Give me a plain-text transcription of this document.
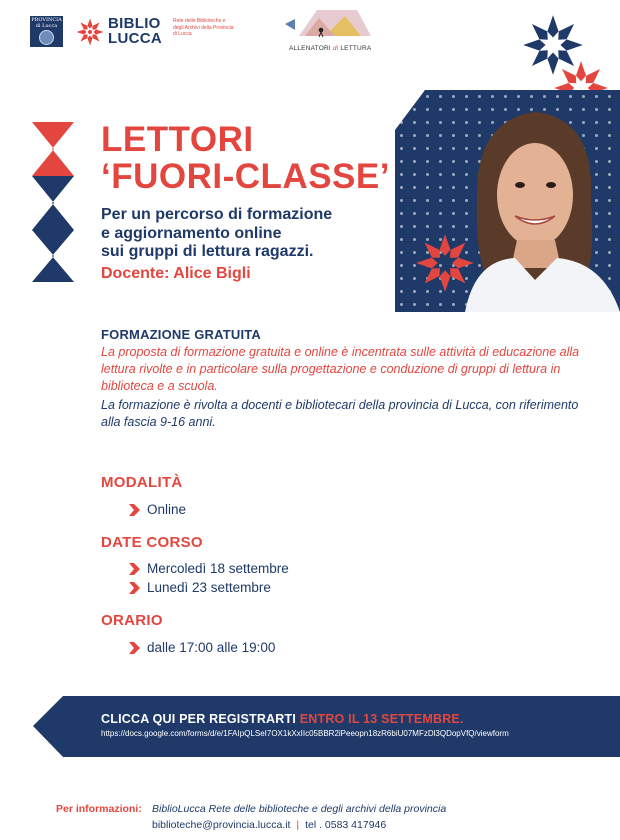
PROVINCIA di Lucca	BIBLIO
LUCCA
Rete delle Biblioteche e degli Archivi della Provincia di Lucca
ALLENATORI di LETTURA
LETTORI
‘FUORI-CLASSE’
Per un percorso di formazione
e aggiornamento online
sui gruppi di lettura ragazzi.
Docente: Alice Bigli
FORMAZIONE GRATUITA
La proposta di formazione gratuita e online è incentrata sulle attività di educazione alla lettura rivolte e in particolare sulla progettazione e conduzione di gruppi di lettura in biblioteca e a scuola.
La formazione è rivolta a docenti e bibliotecari della provincia di Lucca, con riferimento alla fascia 9-16 anni.
MODALITÀ
Online
DATE CORSO
Mercoledì 18 settembre
Lunedì 23 settembre
ORARIO
dalle 17:00 alle 19:00
CLICCA QUI PER REGISTRARTI ENTRO IL 13 SETTEMBRE.
https://docs.google.com/forms/d/e/1FAIpQLSeI7OX1kXxIIc05BBR2iPeeopn18zR6biU07MFzDl3QDopVfQ/viewform
Per informazioni: BiblioLucca Rete delle biblioteche e degli archivi della provincia
biblioteche@provincia.lucca.it | tel . 0583 417946
